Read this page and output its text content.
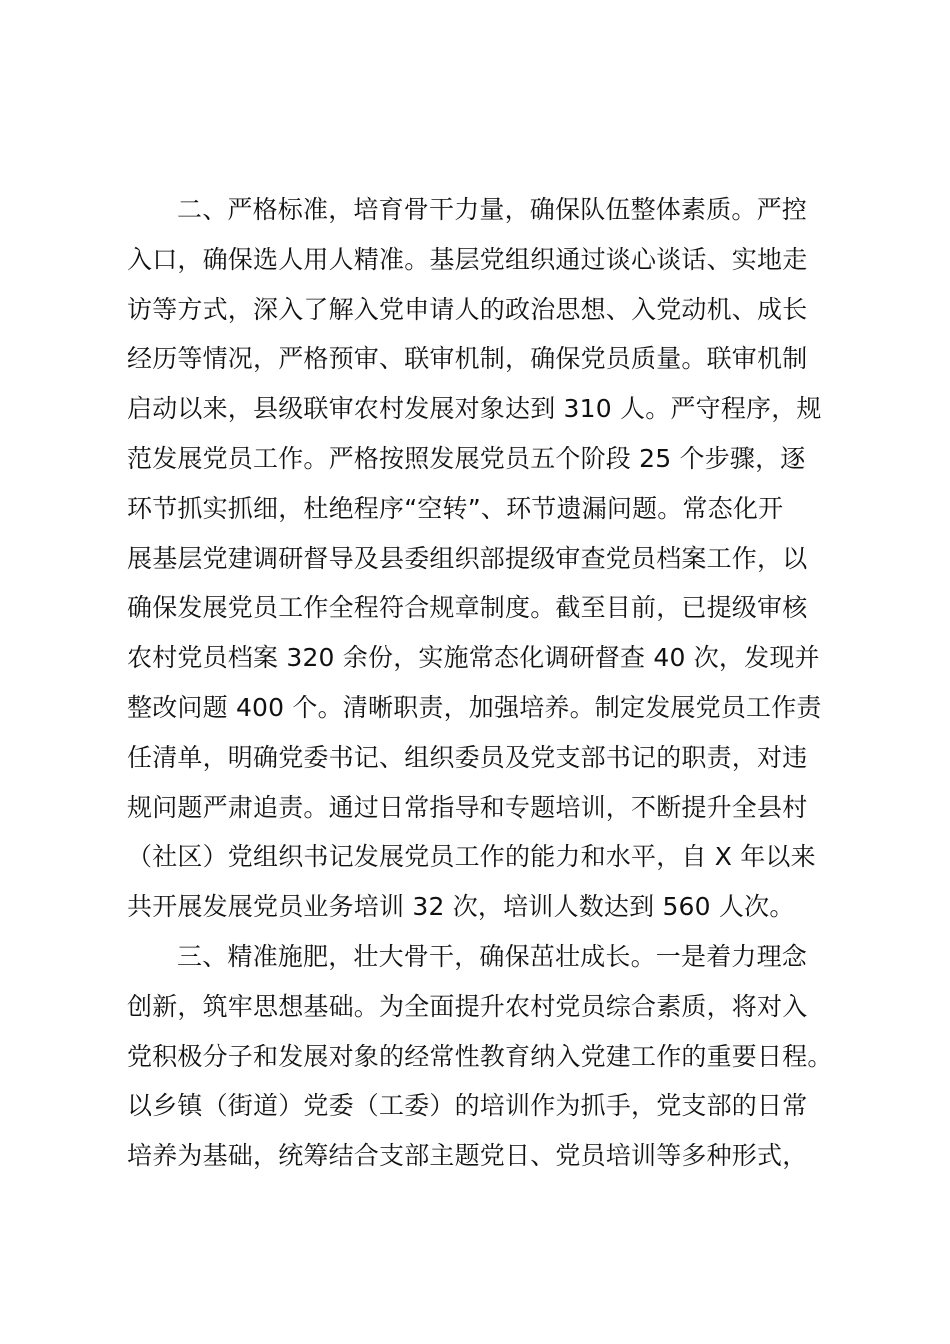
二、严格标准，培育骨干力量，确保队伍整体素质。严控
入口，确保选人用人精准。基层党组织通过谈心谈话、实地走
访等方式，深入了解入党申请人的政治思想、入党动机、成长
经历等情况，严格预审、联审机制，确保党员质量。联审机制
启动以来，县级联审农村发展对象达到 310 人。严守程序，规
范发展党员工作。严格按照发展党员五个阶段 25 个步骤，逐
环节抓实抓细，杜绝程序“空转”、环节遗漏问题。常态化开
展基层党建调研督导及县委组织部提级审查党员档案工作，以
确保发展党员工作全程符合规章制度。截至目前，已提级审核
农村党员档案 320 余份，实施常态化调研督查 40 次，发现并
整改问题 400 个。清晰职责，加强培养。制定发展党员工作责
任清单，明确党委书记、组织委员及党支部书记的职责，对违
规问题严肃追责。通过日常指导和专题培训，不断提升全县村
（社区）党组织书记发展党员工作的能力和水平，自 X 年以来
共开展发展党员业务培训 32 次，培训人数达到 560 人次。
三、精准施肥，壮大骨干，确保茁壮成长。一是着力理念
创新，筑牢思想基础。为全面提升农村党员综合素质，将对入
党积极分子和发展对象的经常性教育纳入党建工作的重要日程。
以乡镇（街道）党委（工委）的培训作为抓手，党支部的日常
培养为基础，统筹结合支部主题党日、党员培训等多种形式，
